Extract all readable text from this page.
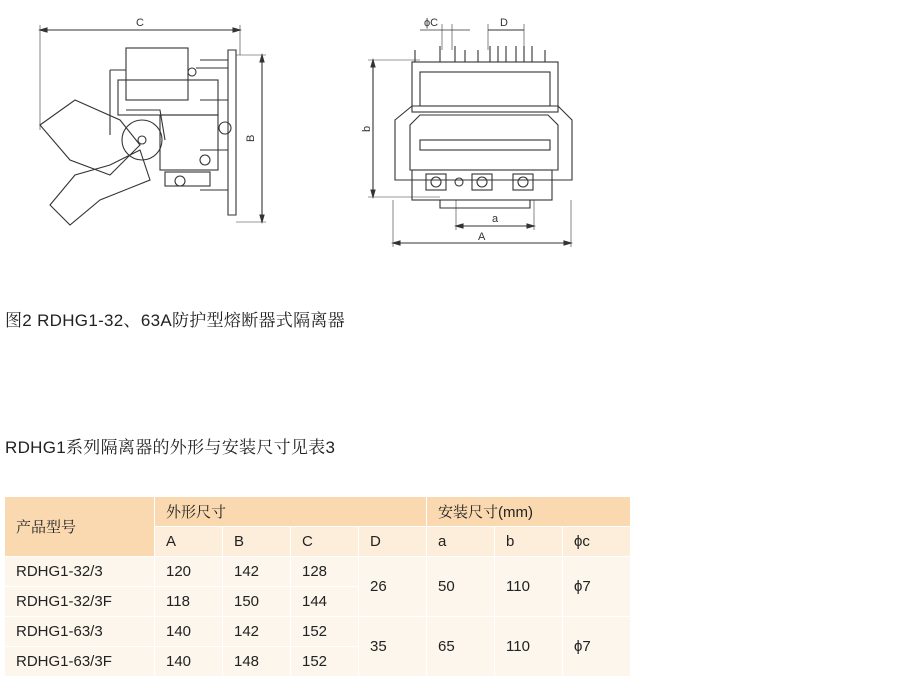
C
B
ϕC	D
b
a
A
图2 RDHG1-32、63A防护型熔断器式隔离器
RDHG1系列隔离器的外形与安装尺寸见表3
产品型号	外形尺寸				安装尺寸(mm)		
	A	B	C	D	a	b	ϕc
RDHG1-32/3	120	142	128	26	50	110	ϕ7
RDHG1-32/3F	118	150	144				
RDHG1-63/3	140	142	152	35	65	110	ϕ7
RDHG1-63/3F	140	148	152				
